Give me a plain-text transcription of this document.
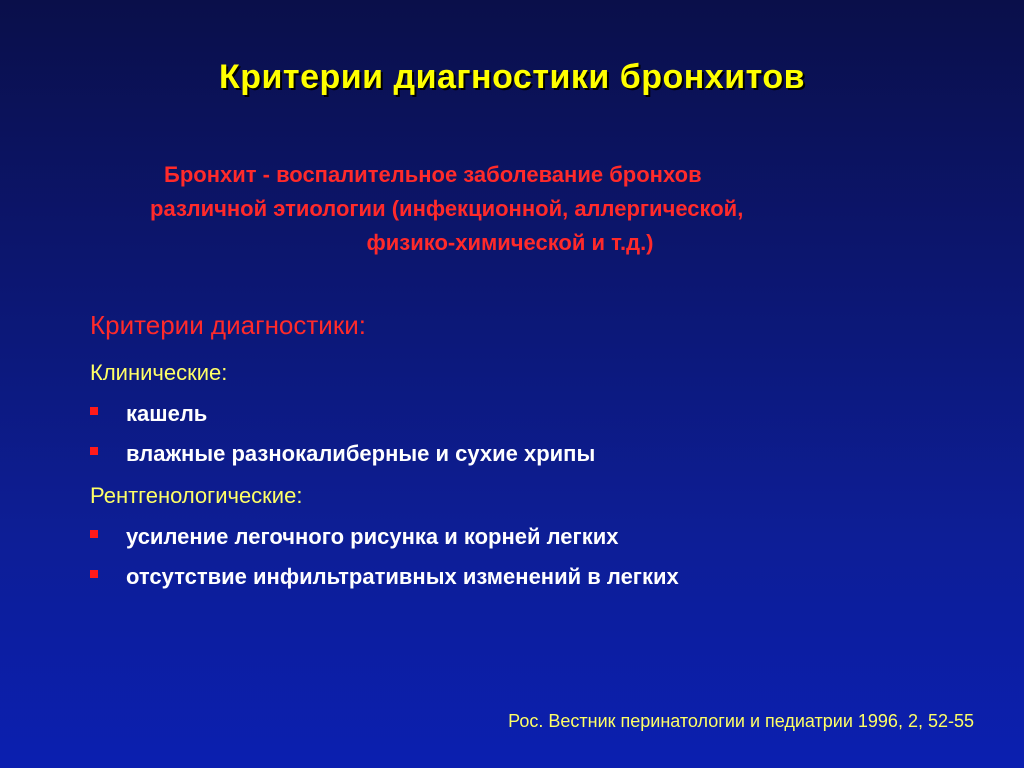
Критерии диагностики бронхитов
Бронхит - воспалительное заболевание бронхов
различной этиологии (инфекционной, аллергической,
физико-химической и т.д.)
Критерии диагностики:
Клинические:
кашель
влажные разнокалиберные и сухие хрипы
Рентгенологические:
усиление легочного рисунка и корней легких
отсутствие инфильтративных изменений в легких
Рос. Вестник перинатологии и педиатрии 1996, 2, 52-55
